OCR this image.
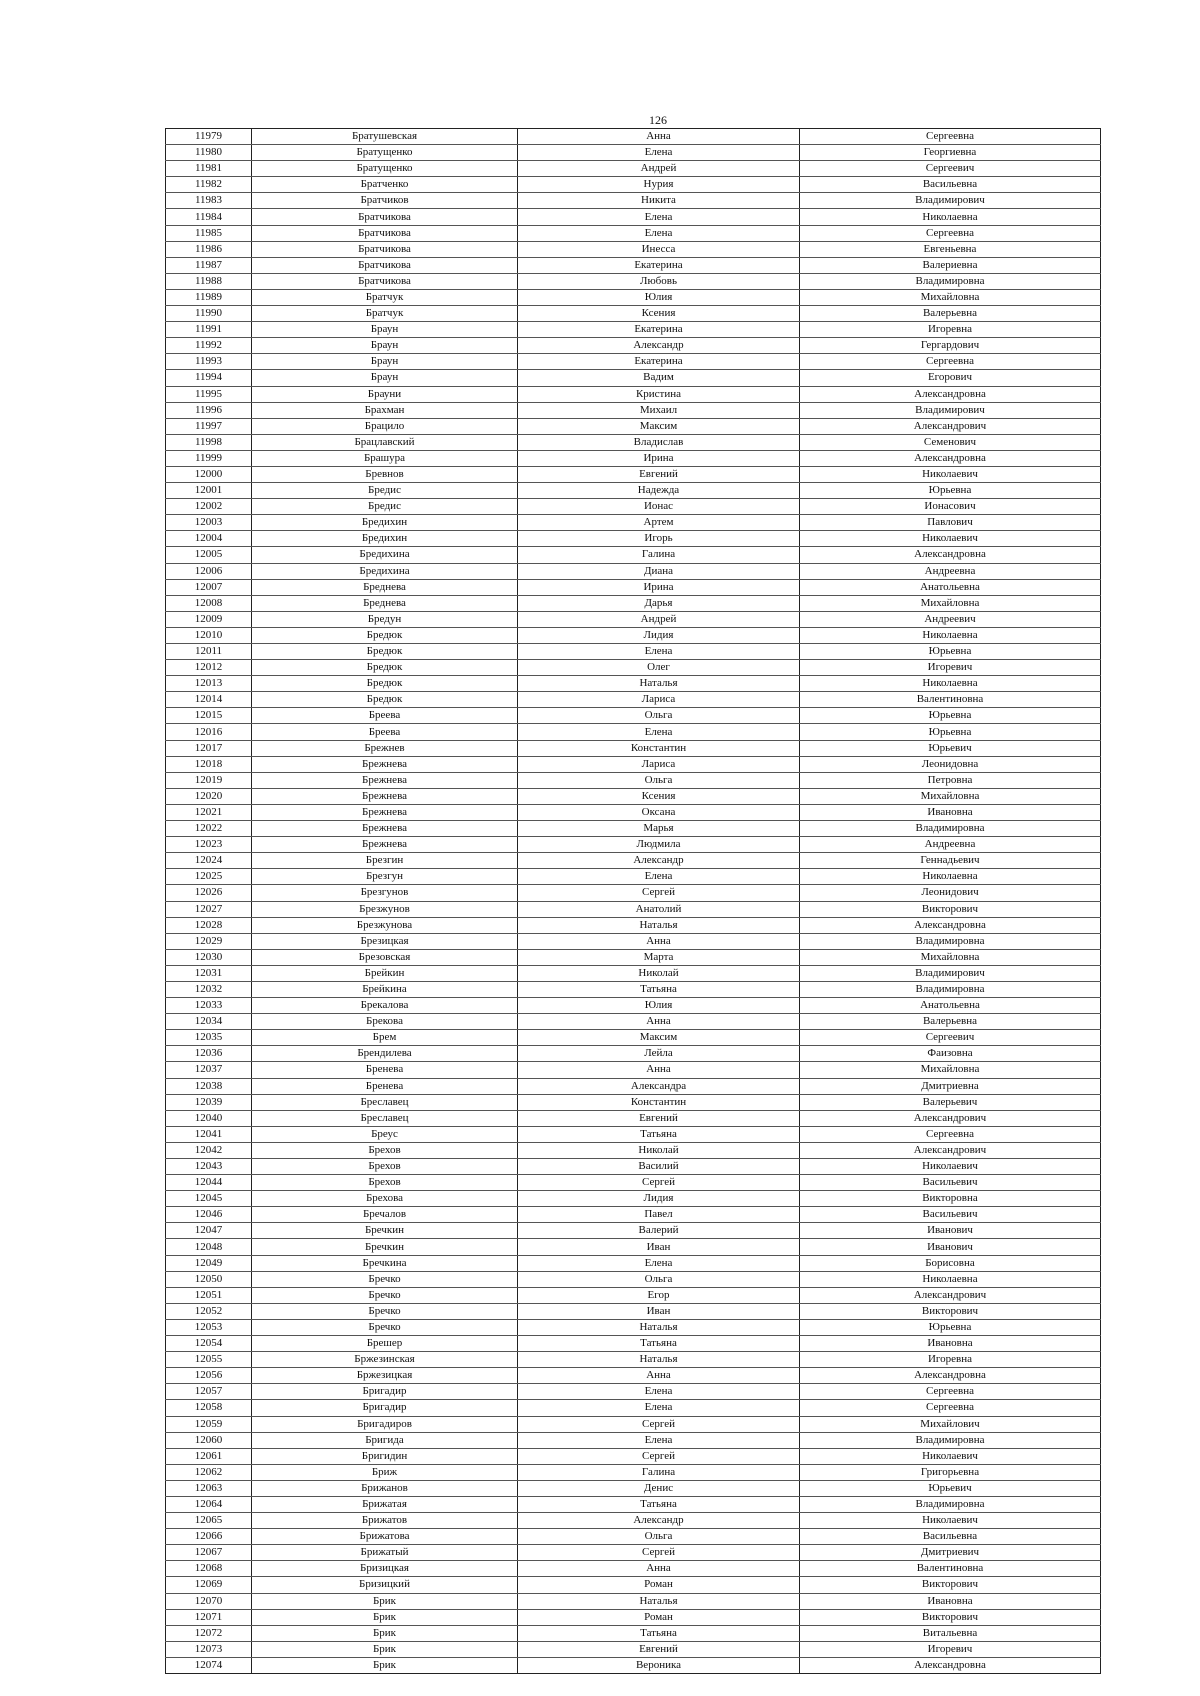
126
11979	Братушевская	Анна	Сергеевна
11980	Братущенко	Елена	Георгиевна
11981	Братущенко	Андрей	Сергеевич
11982	Братченко	Нурия	Васильевна
11983	Братчиков	Никита	Владимирович
11984	Братчикова	Елена	Николаевна
11985	Братчикова	Елена	Сергеевна
11986	Братчикова	Инесса	Евгеньевна
11987	Братчикова	Екатерина	Валериевна
11988	Братчикова	Любовь	Владимировна
11989	Братчук	Юлия	Михайловна
11990	Братчук	Ксения	Валерьевна
11991	Браун	Екатерина	Игоревна
11992	Браун	Александр	Гергардович
11993	Браун	Екатерина	Сергеевна
11994	Браун	Вадим	Егорович
11995	Брауни	Кристина	Александровна
11996	Брахман	Михаил	Владимирович
11997	Брацило	Максим	Александрович
11998	Брацлавский	Владислав	Семенович
11999	Брашура	Ирина	Александровна
12000	Бревнов	Евгений	Николаевич
12001	Бредис	Надежда	Юрьевна
12002	Бредис	Ионас	Ионасович
12003	Бредихин	Артем	Павлович
12004	Бредихин	Игорь	Николаевич
12005	Бредихина	Галина	Александровна
12006	Бредихина	Диана	Андреевна
12007	Бреднева	Ирина	Анатольевна
12008	Бреднева	Дарья	Михайловна
12009	Бредун	Андрей	Андреевич
12010	Бредюк	Лидия	Николаевна
12011	Бредюк	Елена	Юрьевна
12012	Бредюк	Олег	Игоревич
12013	Бредюк	Наталья	Николаевна
12014	Бредюк	Лариса	Валентиновна
12015	Бреева	Ольга	Юрьевна
12016	Бреева	Елена	Юрьевна
12017	Брежнев	Константин	Юрьевич
12018	Брежнева	Лариса	Леонидовна
12019	Брежнева	Ольга	Петровна
12020	Брежнева	Ксения	Михайловна
12021	Брежнева	Оксана	Ивановна
12022	Брежнева	Марья	Владимировна
12023	Брежнева	Людмила	Андреевна
12024	Брезгин	Александр	Геннадьевич
12025	Брезгун	Елена	Николаевна
12026	Брезгунов	Сергей	Леонидович
12027	Брезжунов	Анатолий	Викторович
12028	Брезжунова	Наталья	Александровна
12029	Брезицкая	Анна	Владимировна
12030	Брезовская	Марта	Михайловна
12031	Брейкин	Николай	Владимирович
12032	Брейкина	Татьяна	Владимировна
12033	Брекалова	Юлия	Анатольевна
12034	Брекова	Анна	Валерьевна
12035	Брем	Максим	Сергеевич
12036	Брендилева	Лейла	Фаизовна
12037	Бренева	Анна	Михайловна
12038	Бренева	Александра	Дмитриевна
12039	Бреславец	Константин	Валерьевич
12040	Бреславец	Евгений	Александрович
12041	Бреус	Татьяна	Сергеевна
12042	Брехов	Николай	Александрович
12043	Брехов	Василий	Николаевич
12044	Брехов	Сергей	Васильевич
12045	Брехова	Лидия	Викторовна
12046	Бречалов	Павел	Васильевич
12047	Бречкин	Валерий	Иванович
12048	Бречкин	Иван	Иванович
12049	Бречкина	Елена	Борисовна
12050	Бречко	Ольга	Николаевна
12051	Бречко	Егор	Александрович
12052	Бречко	Иван	Викторович
12053	Бречко	Наталья	Юрьевна
12054	Брешер	Татьяна	Ивановна
12055	Бржезинская	Наталья	Игоревна
12056	Бржезицкая	Анна	Александровна
12057	Бригадир	Елена	Сергеевна
12058	Бригадир	Елена	Сергеевна
12059	Бригадиров	Сергей	Михайлович
12060	Бригида	Елена	Владимировна
12061	Бригидин	Сергей	Николаевич
12062	Бриж	Галина	Григорьевна
12063	Брижанов	Денис	Юрьевич
12064	Брижатая	Татьяна	Владимировна
12065	Брижатов	Александр	Николаевич
12066	Брижатова	Ольга	Васильевна
12067	Брижатый	Сергей	Дмитриевич
12068	Бризицкая	Анна	Валентиновна
12069	Бризицкий	Роман	Викторович
12070	Брик	Наталья	Ивановна
12071	Брик	Роман	Викторович
12072	Брик	Татьяна	Витальевна
12073	Брик	Евгений	Игоревич
12074	Брик	Вероника	Александровна
